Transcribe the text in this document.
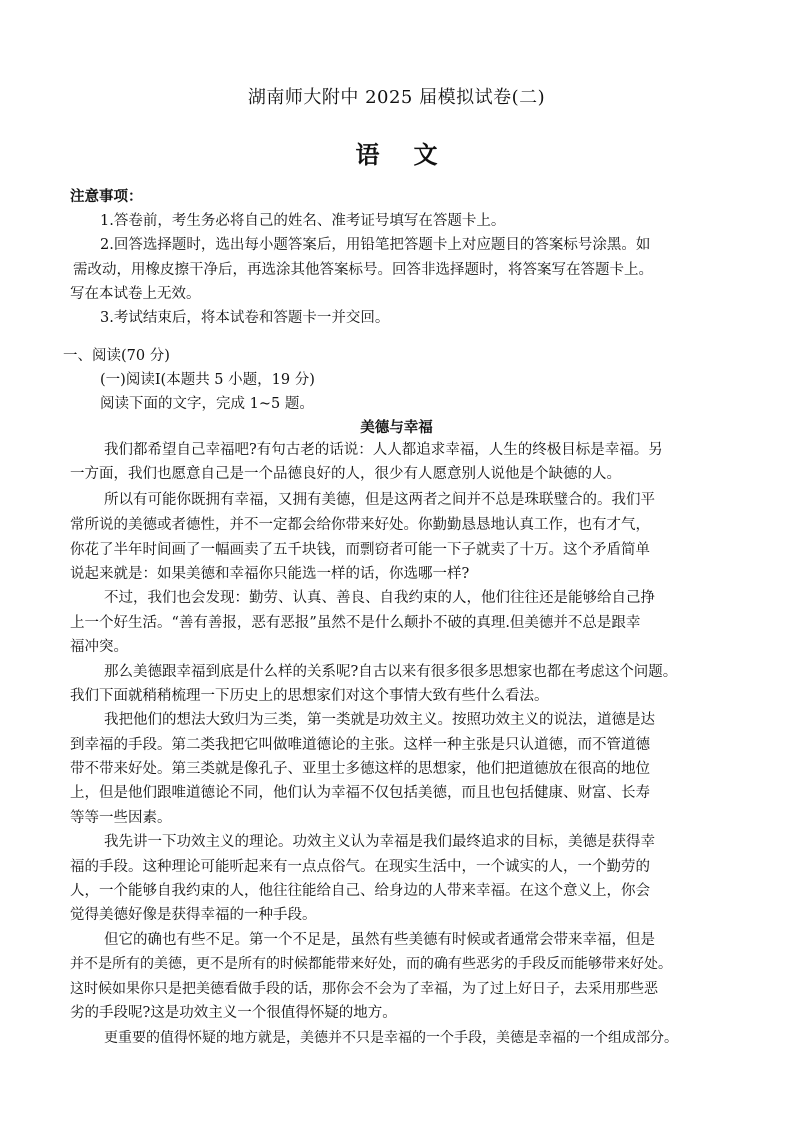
湖南师大附中 2025 届模拟试卷(二)
语文
注意事项：
1.答卷前，考生务必将自己的姓名、准考证号填写在答题卡上。
2.回答选择题时，选出每小题答案后，用铅笔把答题卡上对应题目的答案标号涂黑。如
需改动，用橡皮擦干净后，再选涂其他答案标号。回答非选择题时，将答案写在答题卡上。
写在本试卷上无效。
3.考试结束后，将本试卷和答题卡一并交回。
一、阅读(70 分)
(一)阅读Ⅰ(本题共 5 小题，19 分)
阅读下面的文字，完成 1~5 题。
美德与幸福
我们都希望自己幸福吧?有句古老的话说：人人都追求幸福，人生的终极目标是幸福。另
一方面，我们也愿意自己是一个品德良好的人，很少有人愿意别人说他是个缺德的人。
所以有可能你既拥有幸福，又拥有美德，但是这两者之间并不总是珠联璧合的。我们平
常所说的美德或者德性，并不一定都会给你带来好处。你勤勤恳恳地认真工作，也有才气，
你花了半年时间画了一幅画卖了五千块钱，而剽窃者可能一下子就卖了十万。这个矛盾简单
说起来就是：如果美德和幸福你只能选一样的话，你选哪一样?
不过，我们也会发现：勤劳、认真、善良、自我约束的人，他们往往还是能够给自己挣
上一个好生活。“善有善报，恶有恶报”虽然不是什么颠扑不破的真理.但美德并不总是跟幸
福冲突。
那么美德跟幸福到底是什么样的关系呢?自古以来有很多很多思想家也都在考虑这个问题。
我们下面就稍稍梳理一下历史上的思想家们对这个事情大致有些什么看法。
我把他们的想法大致归为三类，第一类就是功效主义。按照功效主义的说法，道德是达
到幸福的手段。第二类我把它叫做唯道德论的主张。这样一种主张是只认道德，而不管道德
带不带来好处。第三类就是像孔子、亚里士多德这样的思想家，他们把道德放在很高的地位
上，但是他们跟唯道德论不同，他们认为幸福不仅包括美德，而且也包括健康、财富、长寿
等等一些因素。
我先讲一下功效主义的理论。功效主义认为幸福是我们最终追求的目标，美德是获得幸
福的手段。这种理论可能听起来有一点点俗气。在现实生活中，一个诚实的人，一个勤劳的
人，一个能够自我约束的人，他往往能给自己、给身边的人带来幸福。在这个意义上，你会
觉得美德好像是获得幸福的一种手段。
但它的确也有些不足。第一个不足是，虽然有些美德有时候或者通常会带来幸福，但是
并不是所有的美德，更不是所有的时候都能带来好处，而的确有些恶劣的手段反而能够带来好处。
这时候如果你只是把美德看做手段的话，那你会不会为了幸福，为了过上好日子，去采用那些恶
劣的手段呢?这是功效主义一个很值得怀疑的地方。
更重要的值得怀疑的地方就是，美德并不只是幸福的一个手段，美德是幸福的一个组成部分。
